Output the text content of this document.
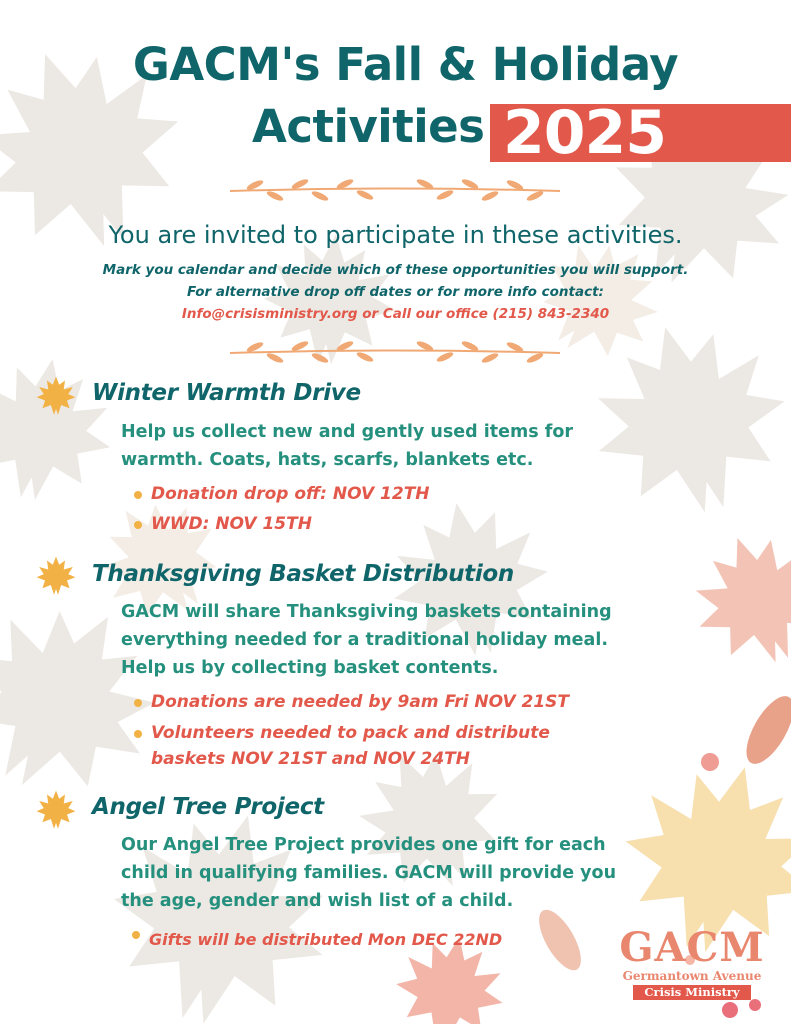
GACM's Fall & Holiday
Activities 2025
You are invited to participate in these activities.
Mark you calendar and decide which of these opportunities you will support.
For alternative drop off dates or for more info contact:
Info@crisisministry.org or Call our office (215) 843-2340
Winter Warmth Drive
Help us collect new and gently used items for
warmth. Coats, hats, scarfs, blankets etc.
Donation drop off: NOV 12TH
WWD: NOV 15TH
Thanksgiving Basket Distribution
GACM will share Thanksgiving baskets containing
everything needed for a traditional holiday meal.
Help us by collecting basket contents.
Donations are needed by 9am Fri NOV 21ST
Volunteers needed to pack and distribute
baskets NOV 21ST and NOV 24TH
Angel Tree Project
Our Angel Tree Project provides one gift for each
child in qualifying families. GACM will provide you
the age, gender and wish list of a child.
Gifts will be distributed Mon DEC 22ND	GACM
Germantown Avenue
Crisis Ministry
